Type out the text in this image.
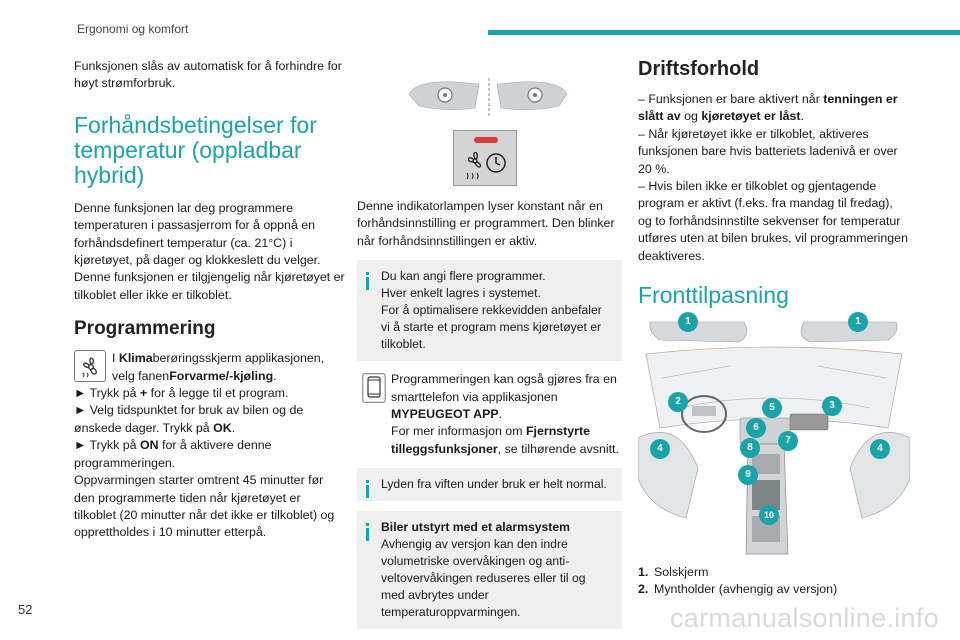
Ergonomi og komfort

Funksjonen slås av automatisk for å forhindre for høyt strømforbruk.

Forhåndsbetingelser for temperatur (oppladbar hybrid)

Denne funksjonen lar deg programmere temperaturen i passasjerrom for å oppnå en forhåndsdefinert temperatur (ca. 21°C) i kjøretøyet, på dager og klokkeslett du velger. Denne funksjonen er tilgjengelig når kjøretøyet er tilkoblet eller ikke er tilkoblet.

Programmering

I Klimaberøringsskjerm applikasjonen, velg fanenForvarme/-kjøling.

► Trykk på + for å legge til et program.

► Velg tidspunktet for bruk av bilen og de ønskede dager. Trykk på OK.

► Trykk på ON for å aktivere denne programmeringen.

Oppvarmingen starter omtrent 45 minutter før den programmerte tiden når kjøretøyet er tilkoblet (20 minutter når det ikke er tilkoblet) og opprettholdes i 10 minutter etterpå.

Denne indikatorlampen lyser konstant når en forhåndsinnstilling er programmert. Den blinker når forhåndsinnstillingen er aktiv.

Du kan angi flere programmer.

Hver enkelt lagres i systemet.

For å optimalisere rekkevidden anbefaler vi å starte et program mens kjøretøyet er tilkoblet.

Programmeringen kan også gjøres fra en smarttelefon via applikasjonen
MYPEUGEOT APP.
For mer informasjon om Fjernstyrte tilleggsfunksjoner, se tilhørende avsnitt.

Lyden fra viften under bruk er helt normal.

Biler utstyrt med et alarmsystem

Avhengig av versjon kan den indre volumetriske overvåkingen og anti-veltovervåkingen reduseres eller til og med avbrytes under temperaturoppvarmingen.

Driftsforhold

– Funksjonen er bare aktivert når tenningen er slått av og kjøretøyet er låst.

– Når kjøretøyet ikke er tilkoblet, aktiveres funksjonen bare hvis batteriets ladenivå er over 20 %.

– Hvis bilen ikke er tilkoblet og gjentagende program er aktivt (f.eks. fra mandag til fredag), og to forhåndsinnstilte sekvenser for temperatur utføres uten at bilen brukes, vil programmeringen deaktiveres.

Fronttilpasning
1	1
2	3
4	4
5
6
7
8
9
10
1. Solskjerm
2. Myntholder (avhengig av versjon)
52	carmanualsonline.info
